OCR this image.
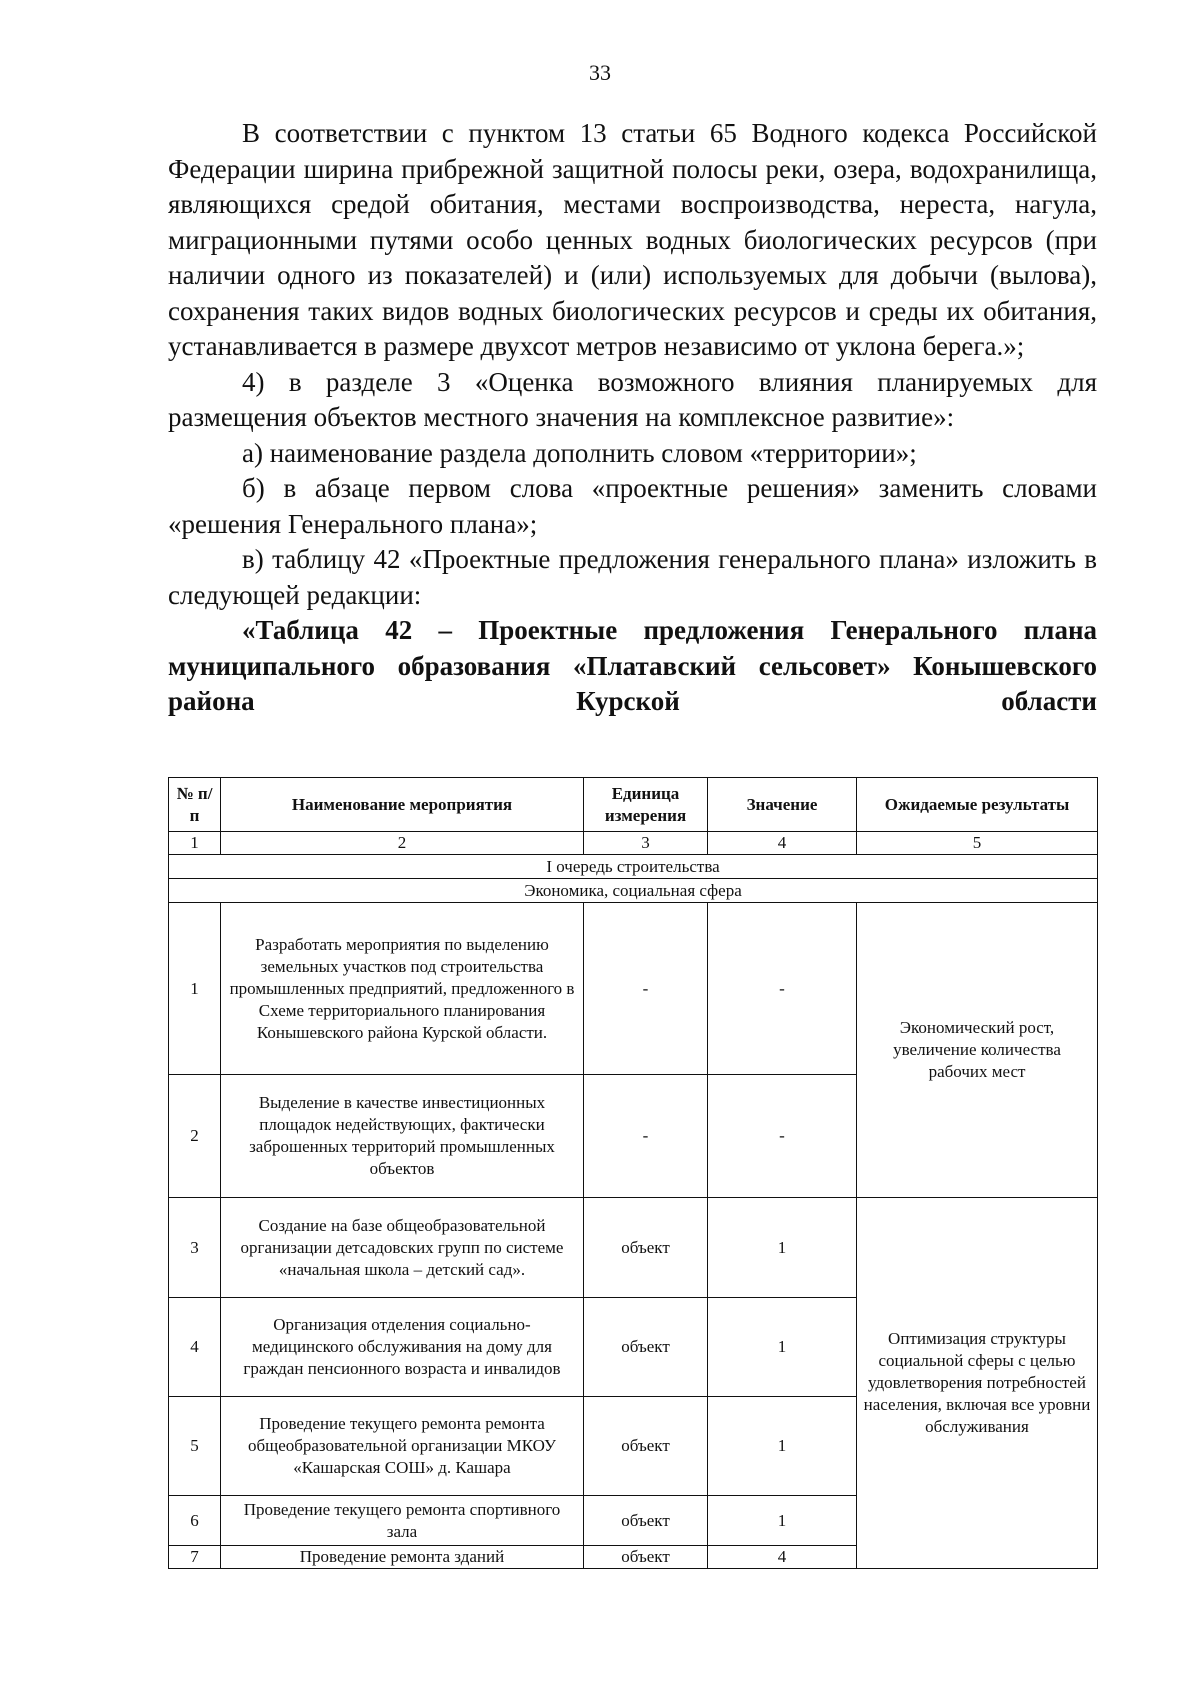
33

В соответствии с пунктом 13 статьи 65 Водного кодекса Российской Федерации ширина прибрежной защитной полосы реки, озера, водохранилища, являющихся средой обитания, местами воспроизводства, нереста, нагула, миграционными путями особо ценных водных биологических ресурсов (при наличии одного из показателей) и (или) используемых для добычи (вылова), сохранения таких видов водных биологических ресурсов и среды их обитания, устанавливается в размере двухсот метров независимо от уклона берега.»;

4) в разделе 3 «Оценка возможного влияния планируемых для размещения объектов местного значения на комплексное развитие»:

а) наименование раздела дополнить словом «территории»;

б) в абзаце первом слова «проектные решения» заменить словами «решения Генерального плана»;

в) таблицу 42 «Проектные предложения генерального плана» изложить в следующей редакции:

«Таблица 42 – Проектные предложения Генерального плана муниципального образования «Платавский сельсовет» Конышевского района Курской области

№ п/п	Наименование мероприятия	Единица измерения	Значение	Ожидаемые результаты
1	2	3	4	5
I очередь строительства				
Экономика, социальная сфера				
1	Разработать мероприятия по выделению земельных участков под строительства промышленных предприятий, предложенного в Схеме территориального планирования Конышевского района Курской области.	-	-	Экономический рост, увеличение количества рабочих мест
2	Выделение в качестве инвестиционных площадок недействующих, фактически заброшенных территорий промышленных объектов	-	-	
3	Создание на базе общеобразовательной организации детсадовских групп по системе «начальная школа – детский сад».	объект	1	Оптимизация структуры социальной сферы с целью удовлетворения потребностей населения, включая все уровни обслуживания
4	Организация отделения социально-медицинского обслуживания на дому для граждан пенсионного возраста и инвалидов	объект	1	
5	Проведение текущего ремонта ремонта общеобразовательной организации МКОУ «Кашарская СОШ» д. Кашара	объект	1	
6	Проведение текущего ремонта спортивного зала	объект	1	
7	Проведение ремонта зданий	объект	4	
